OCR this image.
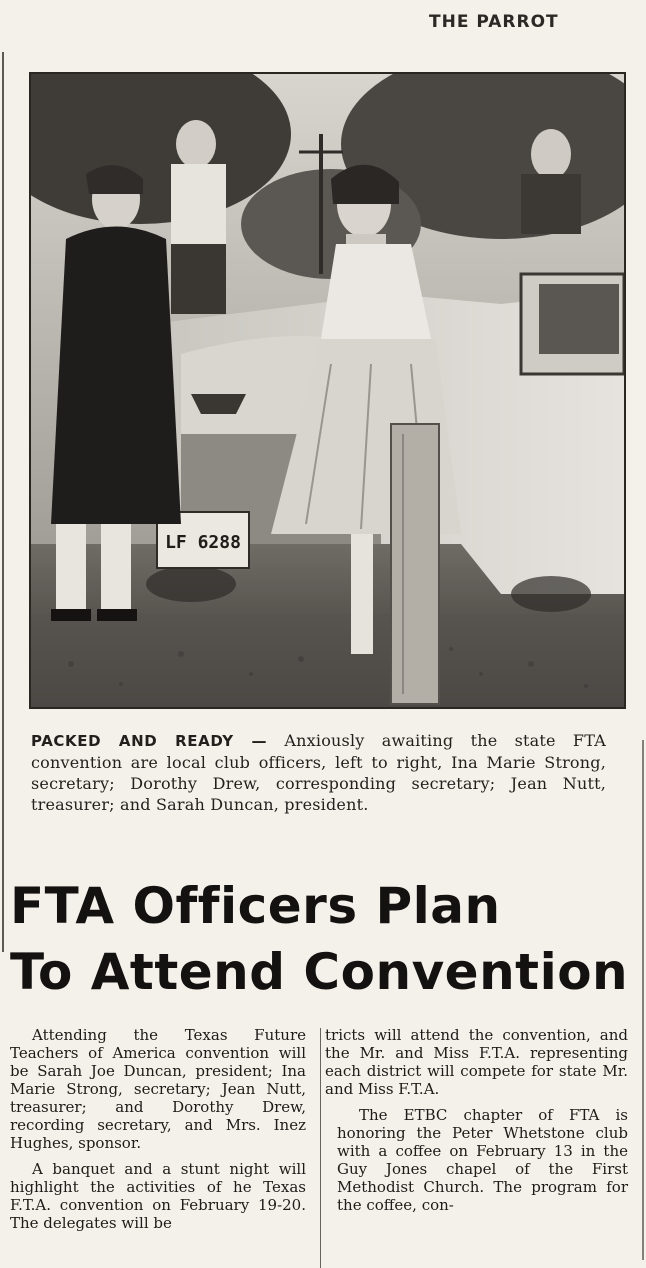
THE PARROT
LF 6288
PACKED AND READY — Anxiously awaiting the state FTA convention are local club officers, left to right, Ina Marie Strong, secretary; Dorothy Drew, corresponding secretary; Jean Nutt, treasurer; and Sarah Duncan, president.
FTA Officers Plan
To Attend Convention

Attending the Texas Future Teachers of America convention will be Sarah Joe Duncan, president; Ina Marie Strong, secretary; Jean Nutt, treasurer; and Dorothy Drew, recording secretary, and Mrs. Inez Hughes, sponsor.

A banquet and a stunt night will highlight the activities of he Texas F.T.A. convention on February 19-20. The delegates will be

tricts will attend the convention, and the Mr. and Miss F.T.A. representing each district will compete for state Mr. and Miss F.T.A.

The ETBC chapter of FTA is honoring the Peter Whetstone club with a coffee on February 13 in the Guy Jones chapel of the First Methodist Church. The program for the coffee, con-
